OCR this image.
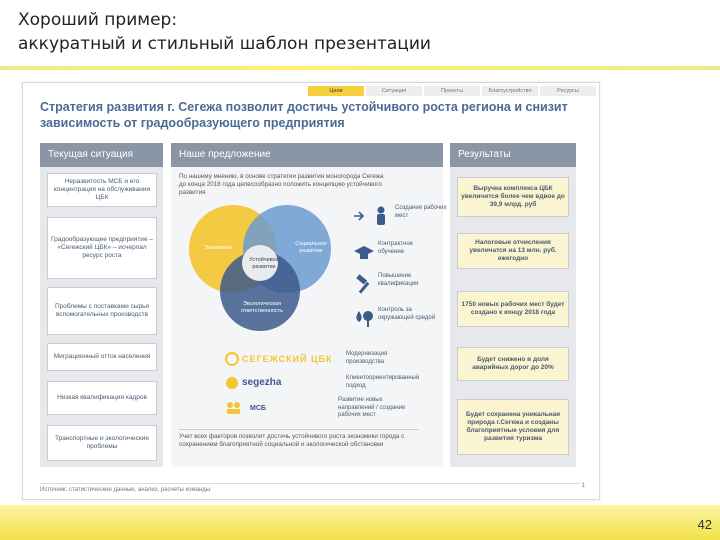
Хороший пример:
аккуратный и стильный шаблон презентации
Цели	Ситуация	Проекты	Благоустройство	Ресурсы
Стратегия развития г. Сегежа позволит достичь устойчивого роста региона и снизит зависимость от градообразующего предприятия
Текущая ситуация	Наше предложение	Результаты
Неразвитость МСБ и его концентрация на обслуживании ЦБК
Градообразующее предприятие – «Сегежский ЦБК» – исчерпал ресурс роста
Проблемы с поставками сырья вспомогательных производств
Миграционный отток населения
Низкая квалификация кадров
Транспортные и экологические проблемы
По нашему мнению, в основе стратегии развития моногорода Сегежа до конца 2018 года целесообразно положить концепцию устойчивого развития
Экономика
Социальное развитие
Устойчивое развитие
Экологическая ответственность
Создание рабочих мест
Контрактное обучение
Повышение квалификации
Контроль за окружающей средой
СЕГЕЖСКИЙ ЦБК	Модернизация производства
segezha	Клиентоориентированный подход
МСБ
Развитие новых направлений / создание рабочих мест
Учет всех факторов позволит достичь устойчивого роста экономики города с сохранением благоприятной социальной и экологической обстановки
Выручка комплекса ЦБК увеличится более чем вдвое до 39,9 млрд. руб
Налоговые отчисления увеличатся на 13 млн. руб. ежегодно
1750 новых рабочих мест будет создано к концу 2018 года
Будет снижено в доля аварийных дорог до 20%
Будет сохранена уникальная природа г.Сегежа и созданы благоприятные условия для развития туризма
Источник: статистические данные, анализ, расчеты команды
1
42
